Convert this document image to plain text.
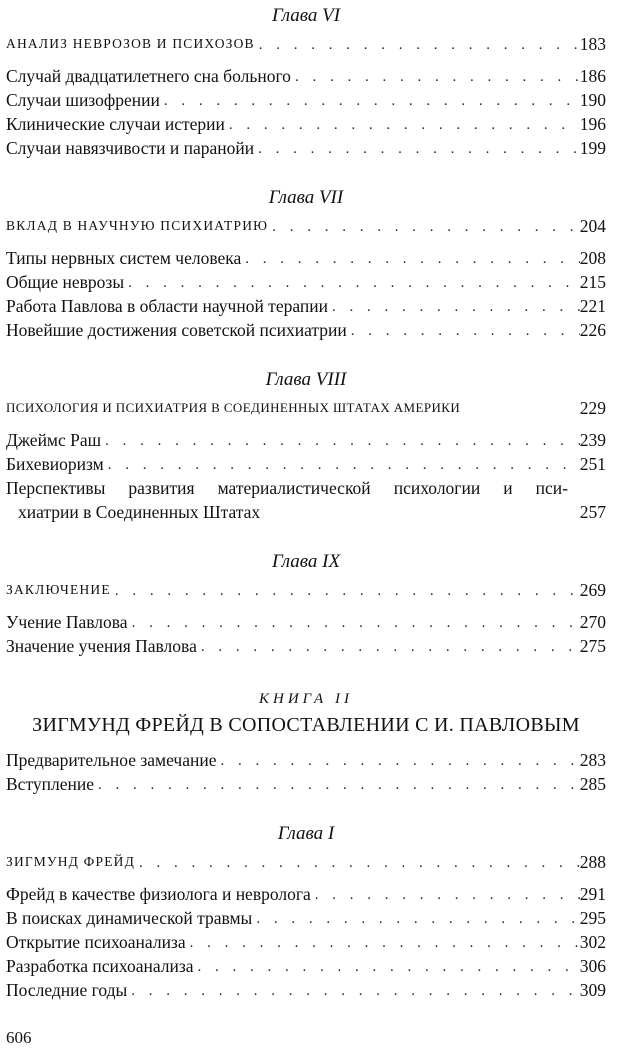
Глава VI
АНАЛИЗ НЕВРОЗОВ И ПСИХОЗОВ . . .	183
Случай двадцатилетнего сна больного . . .	186
Случаи шизофрении . . .	190
Клинические случаи истерии . . .	196
Случаи навязчивости и паранойи . . .	199
Глава VII
ВКЛАД В НАУЧНУЮ ПСИХИАТРИЮ . . .	204
Типы нервных систем человека . . .	208
Общие неврозы . . .	215
Работа Павлова в области научной терапии . . .	221
Новейшие достижения советской психиатрии . . .	226
Глава VIII
ПСИХОЛОГИЯ И ПСИХИАТРИЯ В СОЕДИНЕННЫХ ШТАТАХ АМЕРИКИ	229
Джеймс Раш . . .	239
Бихевиоризм . . .	251
Перспективы развития материалистической психологии и пси-
хиатрии в Соединенных Штатах	257
Глава IX
ЗАКЛЮЧЕНИЕ . . .	269
Учение Павлова . . .	270
Значение учения Павлова . . .	275
КНИГА II
ЗИГМУНД ФРЕЙД В СОПОСТАВЛЕНИИ С И. ПАВЛОВЫМ
Предварительное замечание . . .	283
Вступление . . .	285
Глава I
ЗИГМУНД ФРЕЙД . . .	288
Фрейд в качестве физиолога и невролога . . .	291
В поисках динамической травмы . . .	295
Открытие психоанализа . . .	302
Разработка психоанализа . . .	306
Последние годы . . .	309
606
